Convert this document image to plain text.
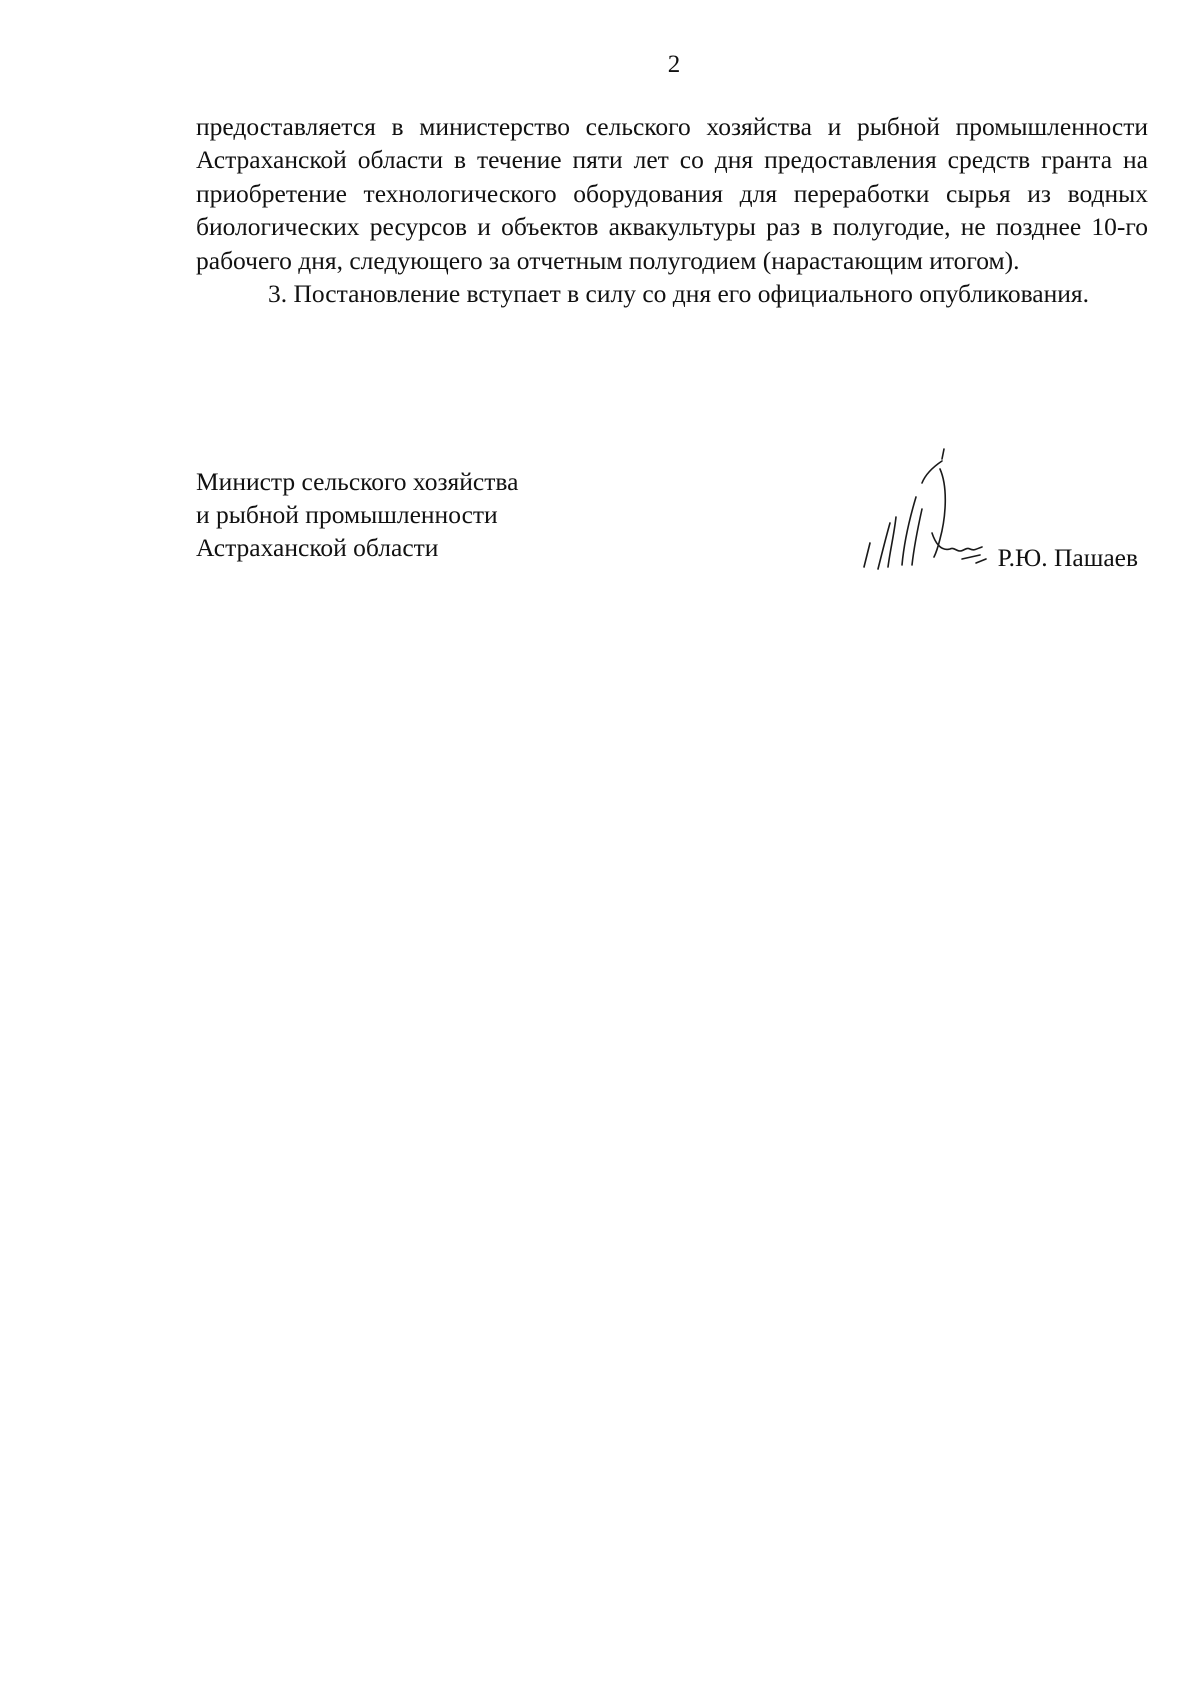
2

предоставляется в министерство сельского хозяйства и рыбной промышленности Астраханской области в течение пяти лет со дня предоставления средств гранта на приобретение технологического оборудования для переработки сырья из водных биологических ресурсов и объектов аквакультуры раз в полугодие, не позднее 10-го рабочего дня, следующего за отчетным полугодием (нарастающим итогом).

3. Постановление вступает в силу со дня его официального опубликования.

Министр сельского хозяйства
и рыбной промышленности
Астраханской области	Р.Ю. Пашаев
